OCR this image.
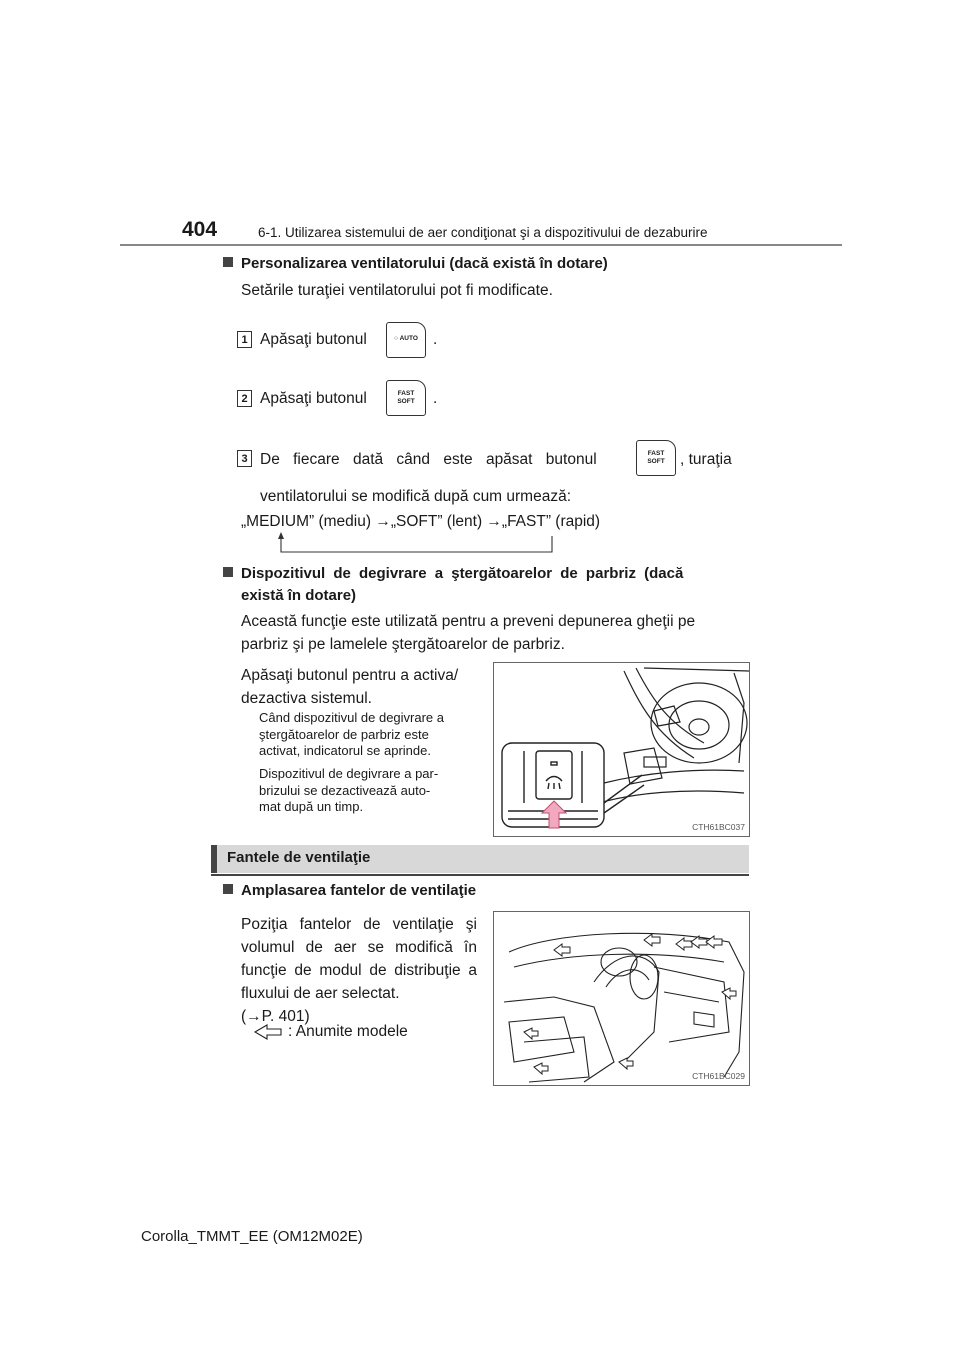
404	6-1. Utilizarea sistemului de aer condiţionat şi a dispozitivului de dezaburire
Personalizarea ventilatorului (dacă există în dotare)
Setările turaţiei ventilatorului pot fi modificate.
1 Apăsaţi butonul	○ AUTO .
2 Apăsaţi butonul	FAST
SOFT	.
3 De fiecare dată când este apăsat butonul	FAST
SOFT , turaţia
ventilatorului se modifică după cum urmează:
„MEDIUM” (mediu) →„SOFT” (lent) →„FAST” (rapid)
Dispozitivul de degivrare a ştergătoarelor de parbriz (dacă
există în dotare)
Această funcţie este utilizată pentru a preveni depunerea gheţii pe
parbriz şi pe lamelele ştergătoarelor de parbriz.
Apăsaţi butonul pentru a activa/
dezactiva sistemul.
Când dispozitivul de degivrare a
ştergătoarelor de parbriz este
activat, indicatorul se aprinde.
Dispozitivul de degivrare a par-
brizului se dezactivează auto-
mat după un timp.
CTH61BC037
Fantele de ventilaţie
Amplasarea fantelor de ventilaţie
Poziţia fantelor de ventilaţie şi
volumul de aer se modifică în
funcţie de modul de distribuţie a
fluxului de aer selectat.
(→P. 401)
: Anumite modele
CTH61BC029
Corolla_TMMT_EE (OM12M02E)
